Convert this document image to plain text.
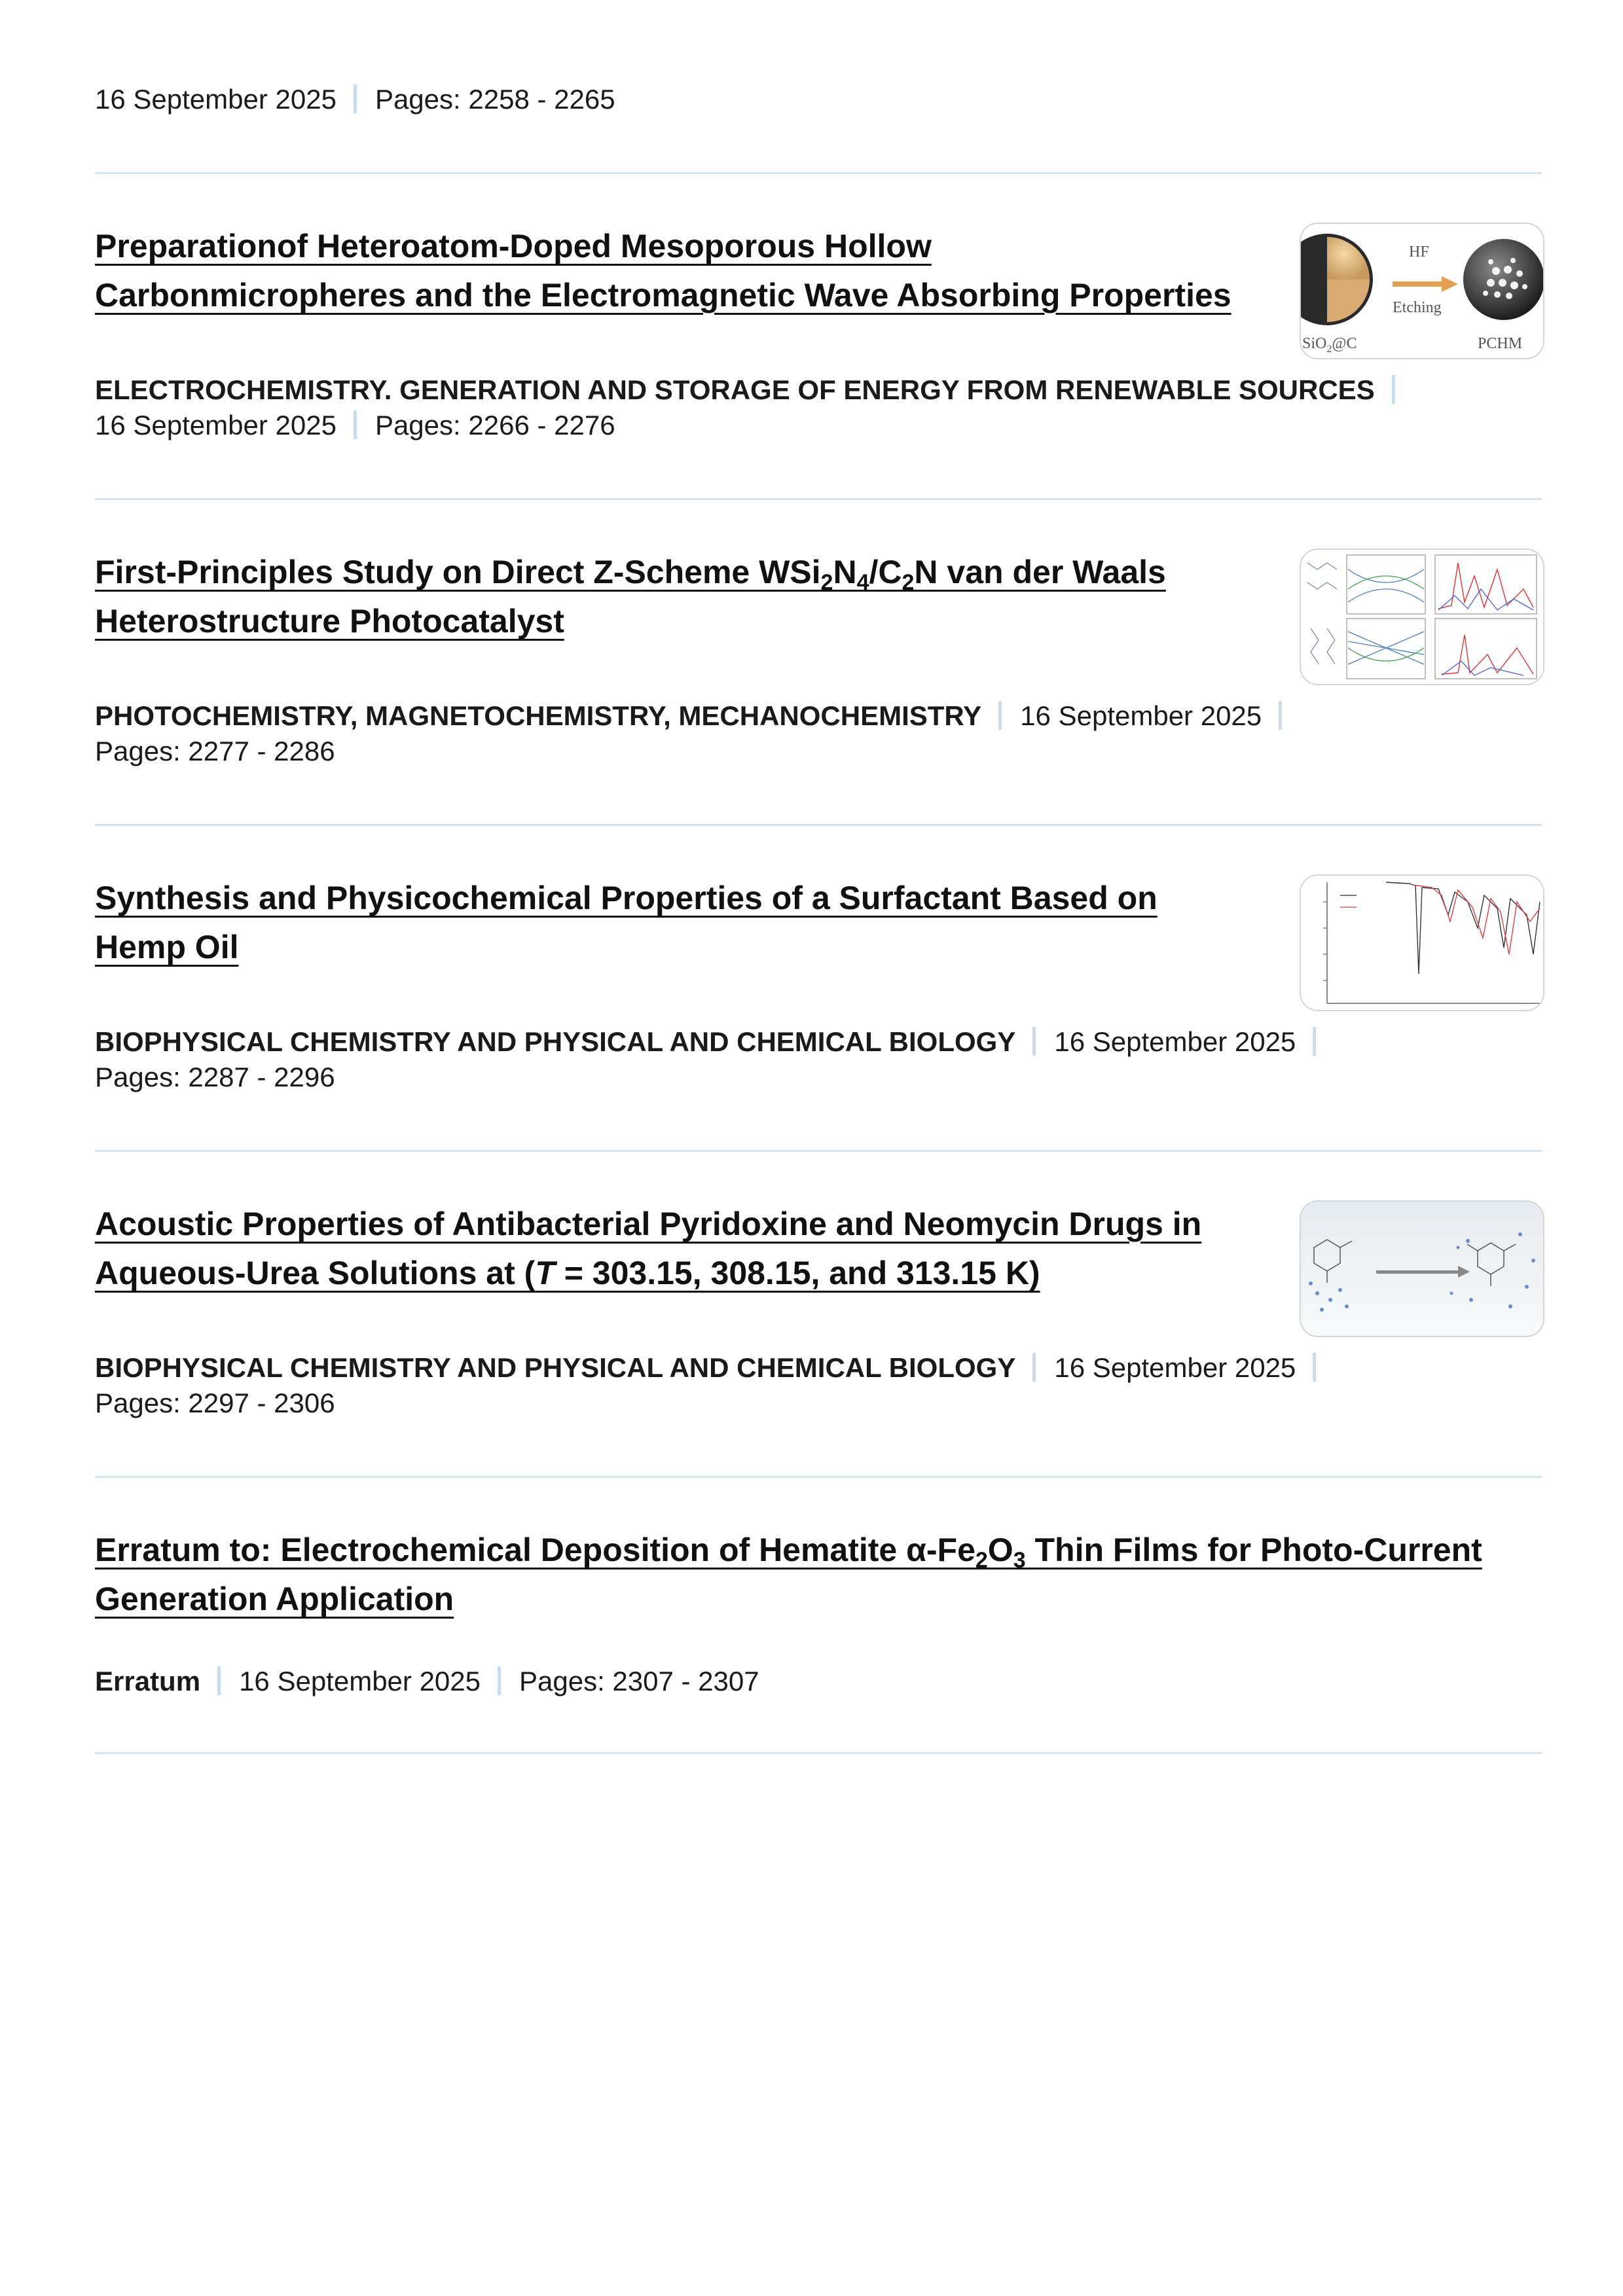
16 September 2025 Pages: 2258 - 2265
Preparationof Heteroatom-Doped Mesoporous Hollow
Carbonmicropheres and the Electromagnetic Wave Absorbing Properties
HF
Etching
SiO$_2$@C	PCHM
ELECTROCHEMISTRY. GENERATION AND STORAGE OF ENERGY FROM RENEWABLE SOURCES
16 September 2025 Pages: 2266 - 2276
First-Principles Study on Direct Z-Scheme $WSi_2N_4/C_2N$ van der Waals
Heterostructure Photocatalyst
PHOTOCHEMISTRY, MAGNETOCHEMISTRY, MECHANOCHEMISTRY 16 September 2025
Pages: 2277 - 2286
Synthesis and Physicochemical Properties of a Surfactant Based on
Hemp Oil
BIOPHYSICAL CHEMISTRY AND PHYSICAL AND CHEMICAL BIOLOGY 16 September 2025
Pages: 2287 - 2296
Acoustic Properties of Antibacterial Pyridoxine and Neomycin Drugs in
Aqueous-Urea Solutions at (T = 303.15, 308.15, and 313.15 K)
BIOPHYSICAL CHEMISTRY AND PHYSICAL AND CHEMICAL BIOLOGY 16 September 2025
Pages: 2297 - 2306
Erratum to: Electrochemical Deposition of Hematite $\alpha-Fe_2O_3$ Thin Films for Photo-Current
Generation Application
Erratum 16 September 2025 Pages: 2307 - 2307
